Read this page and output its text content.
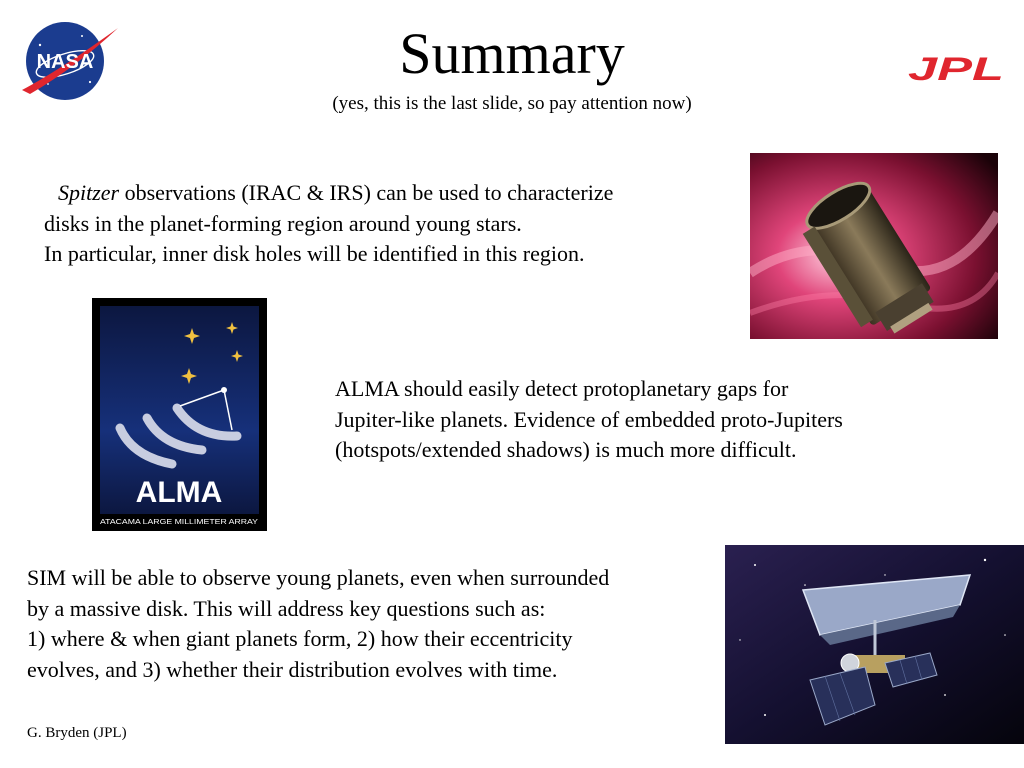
NASA	JPL
Summary
(yes, this is the last slide, so pay attention now)
Spitzer observations (IRAC & IRS) can be used to characterize
disks in the planet-forming region around young stars.
In particular, inner disk holes will be identified in this region.
ALMA
ATACAMA LARGE MILLIMETER ARRAY
ALMA should easily detect protoplanetary gaps for Jupiter-like planets. Evidence of embedded proto-Jupiters (hotspots/extended shadows) is much more difficult.
SIM will be able to observe young planets, even when surrounded
by a massive disk. This will address key questions such as:
1) where & when giant planets form, 2) how their eccentricity
evolves, and 3) whether their distribution evolves with time.
G. Bryden (JPL)
